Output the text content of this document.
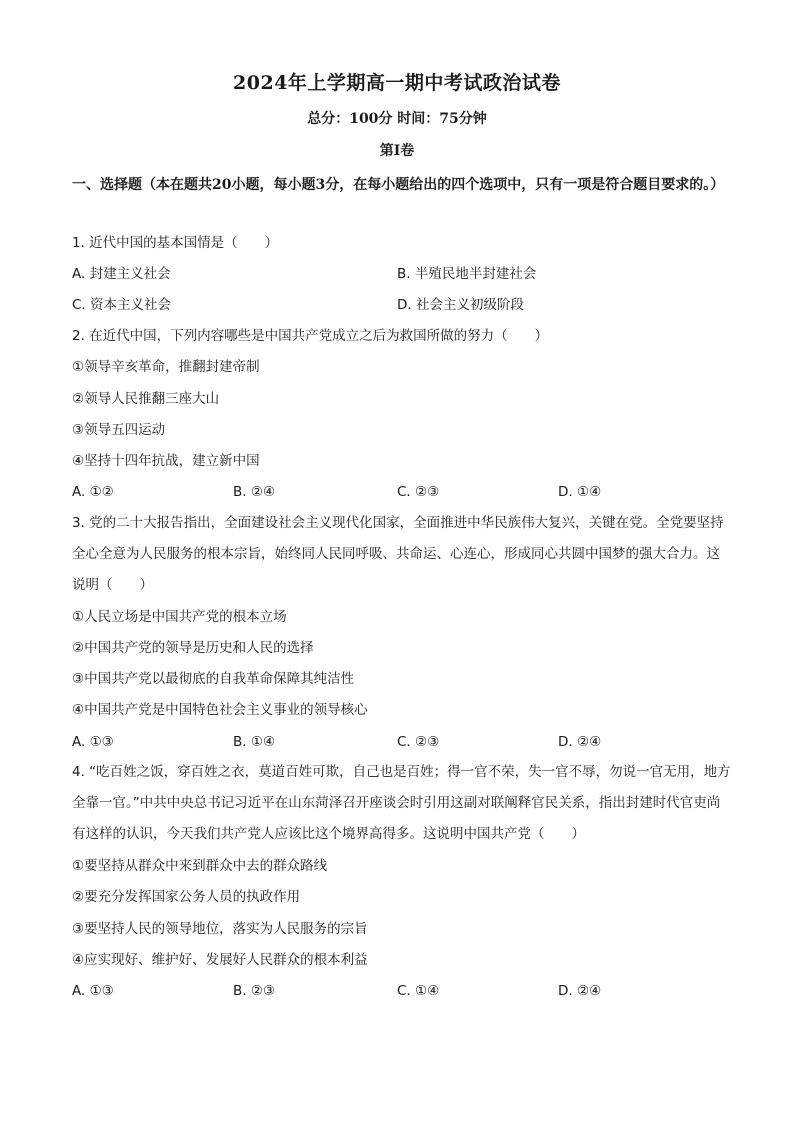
2024年上学期高一期中考试政治试卷
总分：100分 时间：75分钟
第Ⅰ卷
一、选择题（本在题共20小题，每小题3分，在每小题给出的四个选项中，只有一项是符合题目要求的。）
1. 近代中国的基本国情是（　　）
A. 封建主义社会	B. 半殖民地半封建社会
C. 资本主义社会	D. 社会主义初级阶段
2. 在近代中国，下列内容哪些是中国共产党成立之后为救国所做的努力（　　）
①领导辛亥革命，推翻封建帝制
②领导人民推翻三座大山
③领导五四运动
④坚持十四年抗战，建立新中国
A. ①②	B. ②④	C. ②③	D. ①④
3. 党的二十大报告指出，全面建设社会主义现代化国家，全面推进中华民族伟大复兴，关键在党。全党要坚持全心全意为人民服务的根本宗旨，始终同人民同呼吸、共命运、心连心，形成同心共圆中国梦的强大合力。这说明（　　）
①人民立场是中国共产党的根本立场
②中国共产党的领导是历史和人民的选择
③中国共产党以最彻底的自我革命保障其纯洁性
④中国共产党是中国特色社会主义事业的领导核心
A. ①③	B. ①④	C. ②③	D. ②④
4. “吃百姓之饭，穿百姓之衣，莫道百姓可欺，自己也是百姓；得一官不荣，失一官不辱，勿说一官无用，地方全靠一官。”中共中央总书记习近平在山东菏泽召开座谈会时引用这副对联阐释官民关系，指出封建时代官吏尚有这样的认识，今天我们共产党人应该比这个境界高得多。这说明中国共产党（　　）
①要坚持从群众中来到群众中去的群众路线
②要充分发挥国家公务人员的执政作用
③要坚持人民的领导地位，落实为人民服务的宗旨
④应实现好、维护好、发展好人民群众的根本利益
A. ①③	B. ②③	C. ①④	D. ②④
